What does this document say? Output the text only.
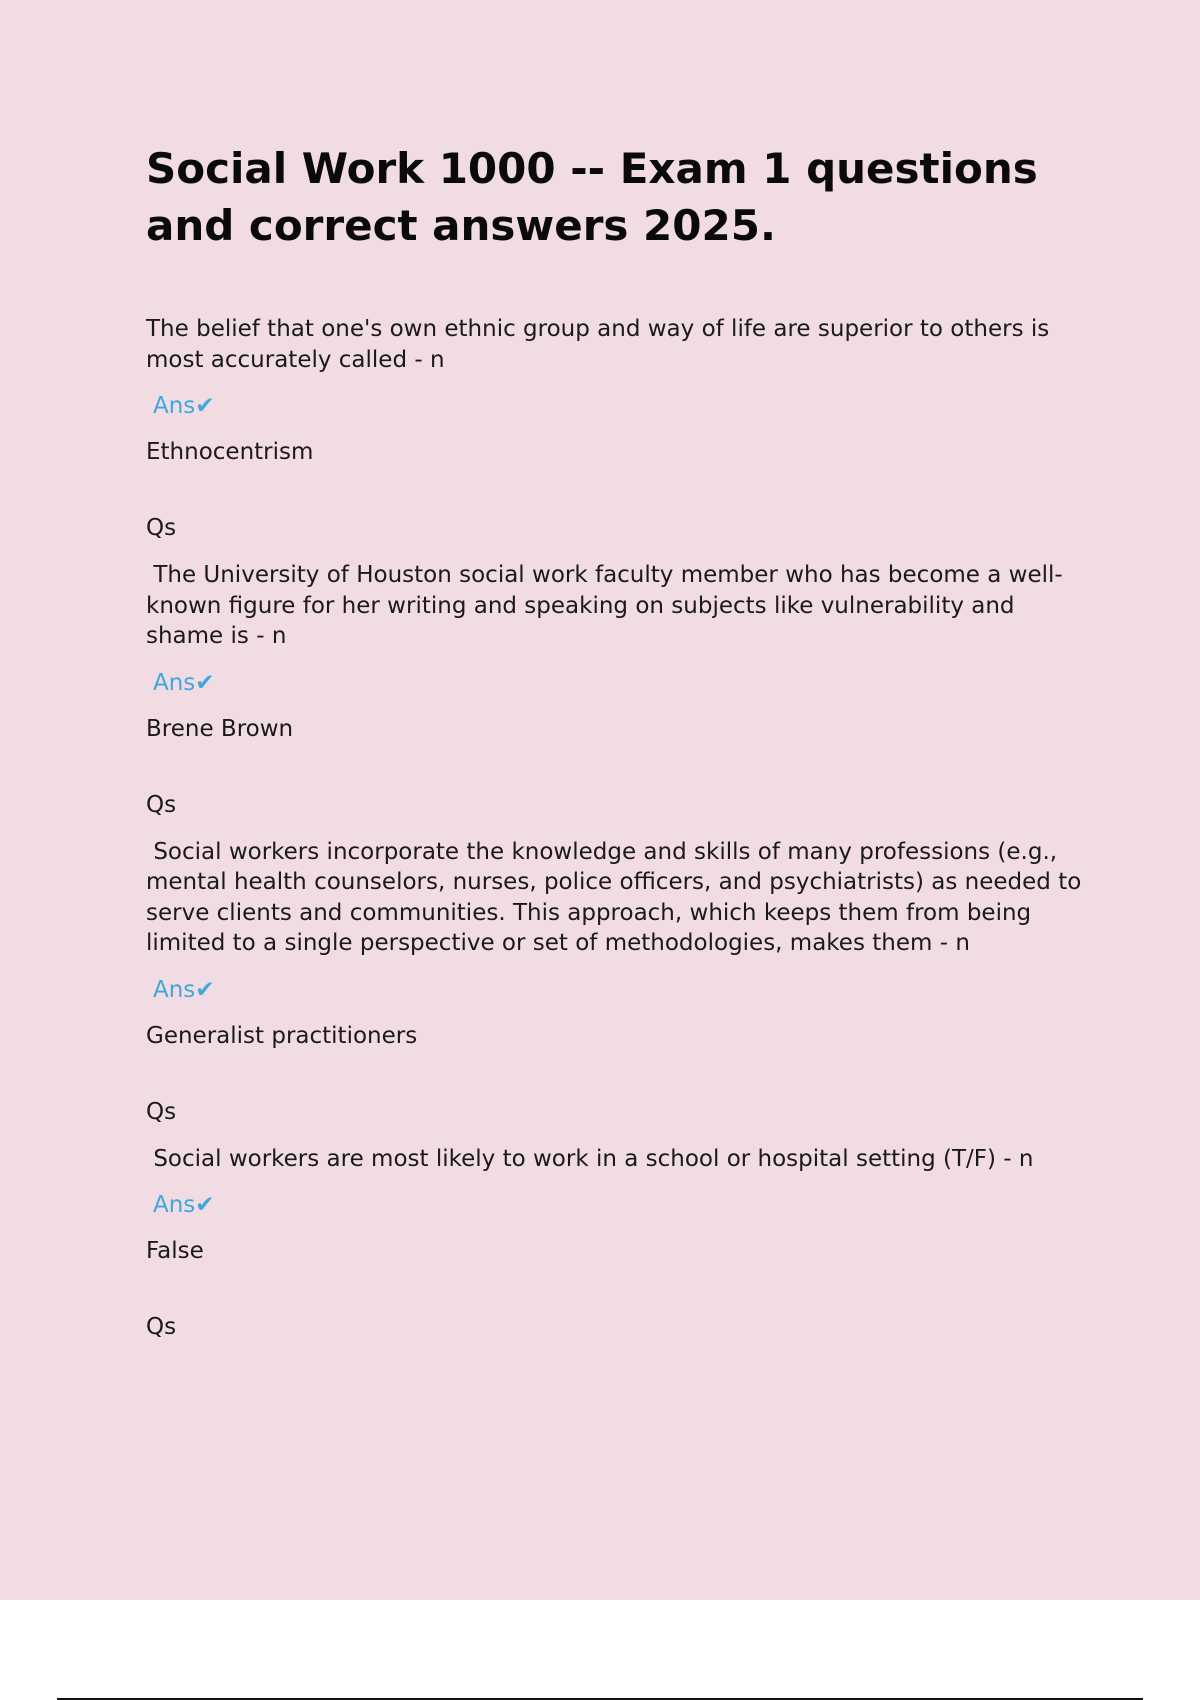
Social Work 1000 -- Exam 1 questions and correct answers 2025.
The belief that one's own ethnic group and way of life are superior to others is most accurately called - n
Ans✔
Ethnocentrism
Qs
The University of Houston social work faculty member who has become a well-known figure for her writing and speaking on subjects like vulnerability and shame is - n
Ans✔
Brene Brown
Qs
Social workers incorporate the knowledge and skills of many professions (e.g., mental health counselors, nurses, police officers, and psychiatrists) as needed to serve clients and communities. This approach, which keeps them from being limited to a single perspective or set of methodologies, makes them - n
Ans✔
Generalist practitioners
Qs
Social workers are most likely to work in a school or hospital setting (T/F) - n
Ans✔
False
Qs
